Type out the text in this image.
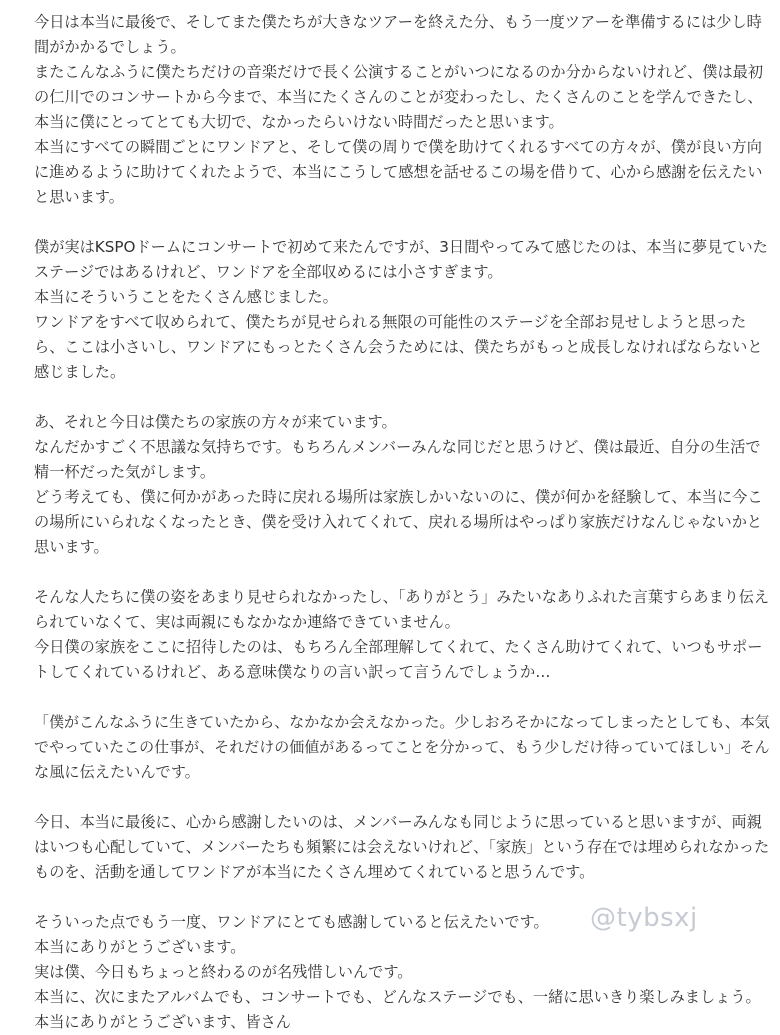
今日は本当に最後で、そしてまた僕たちが大きなツアーを終えた分、もう一度ツアーを準備するには少し時
間がかかるでしょう。
またこんなふうに僕たちだけの音楽だけで長く公演することがいつになるのか分からないけれど、僕は最初
の仁川でのコンサートから今まで、本当にたくさんのことが変わったし、たくさんのことを学んできたし、
本当に僕にとってとても大切で、なかったらいけない時間だったと思います。
本当にすべての瞬間ごとにワンドアと、そして僕の周りで僕を助けてくれるすべての方々が、僕が良い方向
に進めるように助けてくれたようで、本当にこうして感想を話せるこの場を借りて、心から感謝を伝えたい
と思います。
僕が実はKSPOドームにコンサートで初めて来たんですが、3日間やってみて感じたのは、本当に夢見ていた
ステージではあるけれど、ワンドアを全部収めるには小さすぎます。
本当にそういうことをたくさん感じました。
ワンドアをすべて収められて、僕たちが見せられる無限の可能性のステージを全部お見せしようと思った
ら、ここは小さいし、ワンドアにもっとたくさん会うためには、僕たちがもっと成長しなければならないと
感じました。
あ、それと今日は僕たちの家族の方々が来ています。
なんだかすごく不思議な気持ちです。もちろんメンバーみんな同じだと思うけど、僕は最近、自分の生活で
精一杯だった気がします。
どう考えても、僕に何かがあった時に戻れる場所は家族しかいないのに、僕が何かを経験して、本当に今こ
の場所にいられなくなったとき、僕を受け入れてくれて、戻れる場所はやっぱり家族だけなんじゃないかと
思います。
そんな人たちに僕の姿をあまり見せられなかったし、「ありがとう」みたいなありふれた言葉すらあまり伝え
られていなくて、実は両親にもなかなか連絡できていません。
今日僕の家族をここに招待したのは、もちろん全部理解してくれて、たくさん助けてくれて、いつもサポー
トしてくれているけれど、ある意味僕なりの言い訳って言うんでしょうか…
「僕がこんなふうに生きていたから、なかなか会えなかった。少しおろそかになってしまったとしても、本気
でやっていたこの仕事が、それだけの価値があるってことを分かって、もう少しだけ待っていてほしい」そん
な風に伝えたいんです。
今日、本当に最後に、心から感謝したいのは、メンバーみんなも同じように思っていると思いますが、両親
はいつも心配していて、メンバーたちも頻繁には会えないけれど、「家族」という存在では埋められなかった
ものを、活動を通してワンドアが本当にたくさん埋めてくれていると思うんです。
そういった点でもう一度、ワンドアにとても感謝していると伝えたいです。
本当にありがとうございます。
実は僕、今日もちょっと終わるのが名残惜しいんです。
本当に、次にまたアルバムでも、コンサートでも、どんなステージでも、一緒に思いきり楽しみましょう。
本当にありがとうございます、皆さん
@tybsxj
